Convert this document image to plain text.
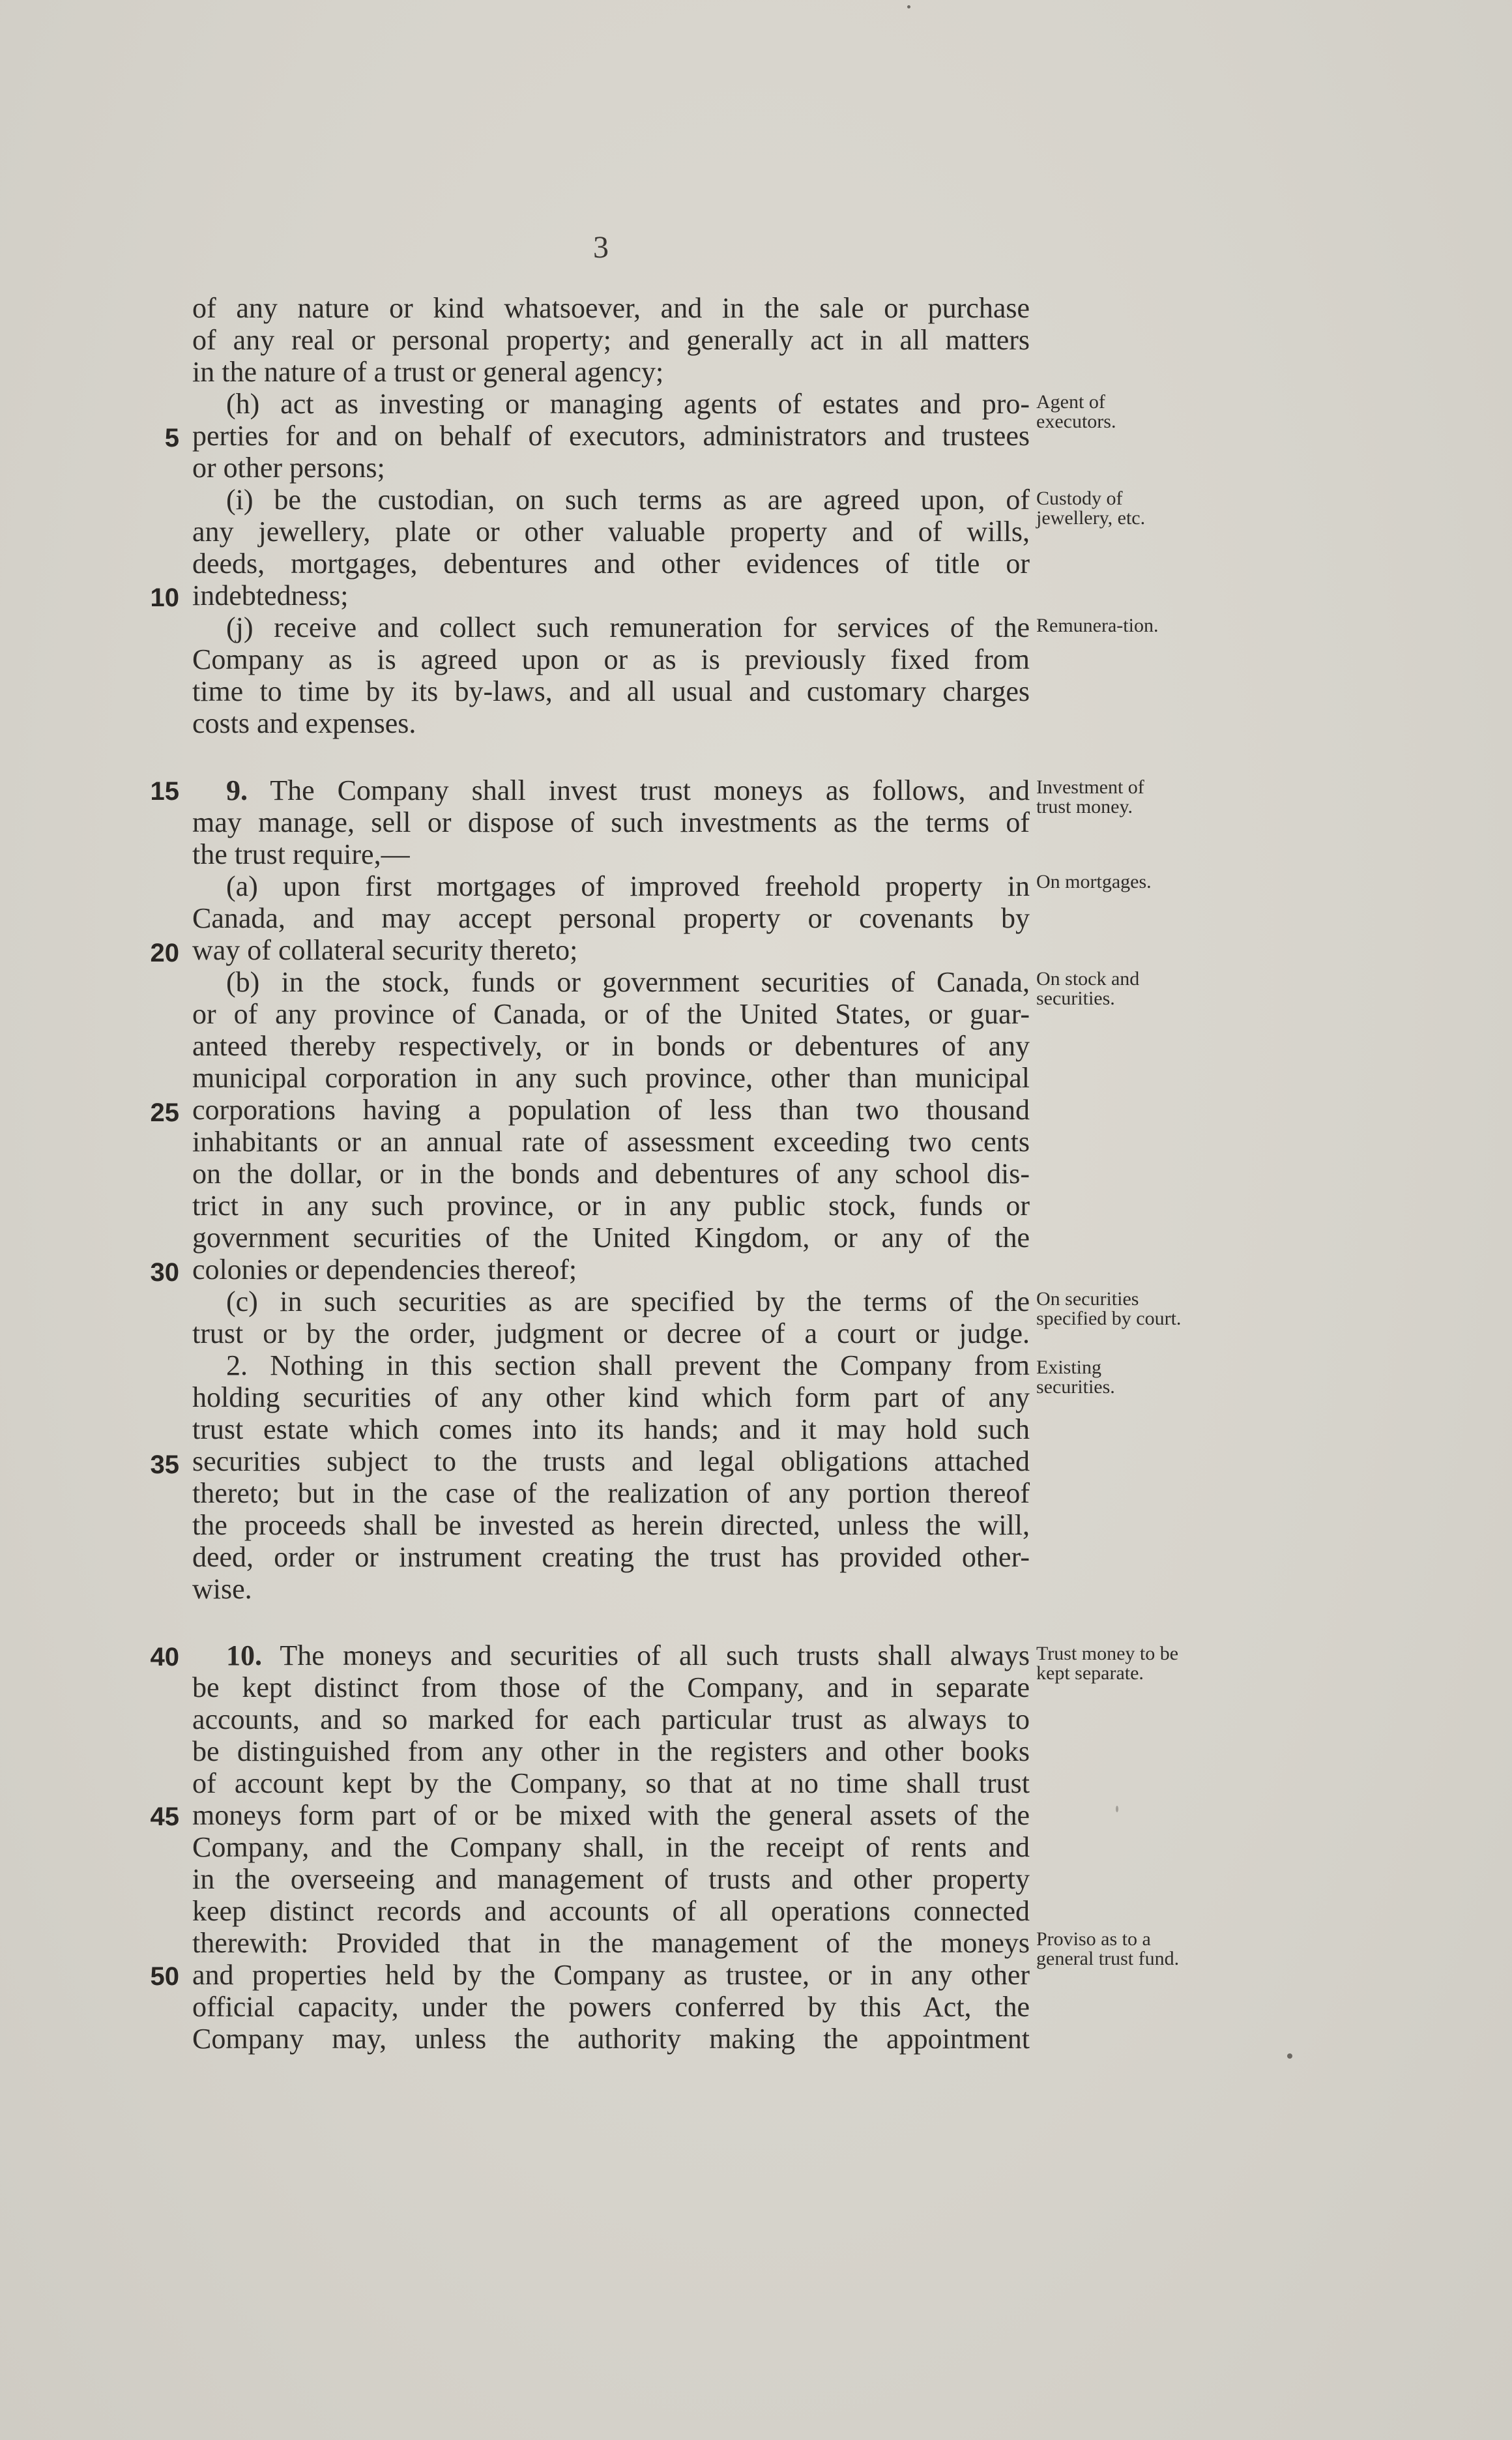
3
of any nature or kind whatsoever, and in the sale or purchase
of any real or personal property; and generally act in all matters
in the nature of a trust or general agency;
(h) act as investing or managing agents of estates and pro-
perties for and on behalf of executors, administrators and trustees
or other persons;
(i) be the custodian, on such terms as are agreed upon, of
any jewellery, plate or other valuable property and of wills,
deeds, mortgages, debentures and other evidences of title or
indebtedness;
(j) receive and collect such remuneration for services of the
Company as is agreed upon or as is previously fixed from
time to time by its by-laws, and all usual and customary charges
costs and expenses.
9. The Company shall invest trust moneys as follows, and
may manage, sell or dispose of such investments as the terms of
the trust require,—
(a) upon first mortgages of improved freehold property in
Canada, and may accept personal property or covenants by
way of collateral security thereto;
(b) in the stock, funds or government securities of Canada,
or of any province of Canada, or of the United States, or guar-
anteed thereby respectively, or in bonds or debentures of any
municipal corporation in any such province, other than municipal
corporations having a population of less than two thousand
inhabitants or an annual rate of assessment exceeding two cents
on the dollar, or in the bonds and debentures of any school dis-
trict in any such province, or in any public stock, funds or
government securities of the United Kingdom, or any of the
colonies or dependencies thereof;
(c) in such securities as are specified by the terms of the
trust or by the order, judgment or decree of a court or judge.
2. Nothing in this section shall prevent the Company from
holding securities of any other kind which form part of any
trust estate which comes into its hands; and it may hold such
securities subject to the trusts and legal obligations attached
thereto; but in the case of the realization of any portion thereof
the proceeds shall be invested as herein directed, unless the will,
deed, order or instrument creating the trust has provided other-
wise.
10. The moneys and securities of all such trusts shall always
be kept distinct from those of the Company, and in separate
accounts, and so marked for each particular trust as always to
be distinguished from any other in the registers and other books
of account kept by the Company, so that at no time shall trust
moneys form part of or be mixed with the general assets of the
Company, and the Company shall, in the receipt of rents and
in the overseeing and management of trusts and other property
keep distinct records and accounts of all operations connected
therewith: Provided that in the management of the moneys
and properties held by the Company as trustee, or in any other
official capacity, under the powers conferred by this Act, the
Company may, unless the authority making the appointment
5
10
15
20
25
30
35
40
45
50
Agent of executors.
Custody of jewellery, etc.
Remunera-tion.
Investment of trust money.
On mortgages.
On stock and securities.
On securities specified by court.
Existing securities.
Trust money to be kept separate.
Proviso as to a general trust fund.
